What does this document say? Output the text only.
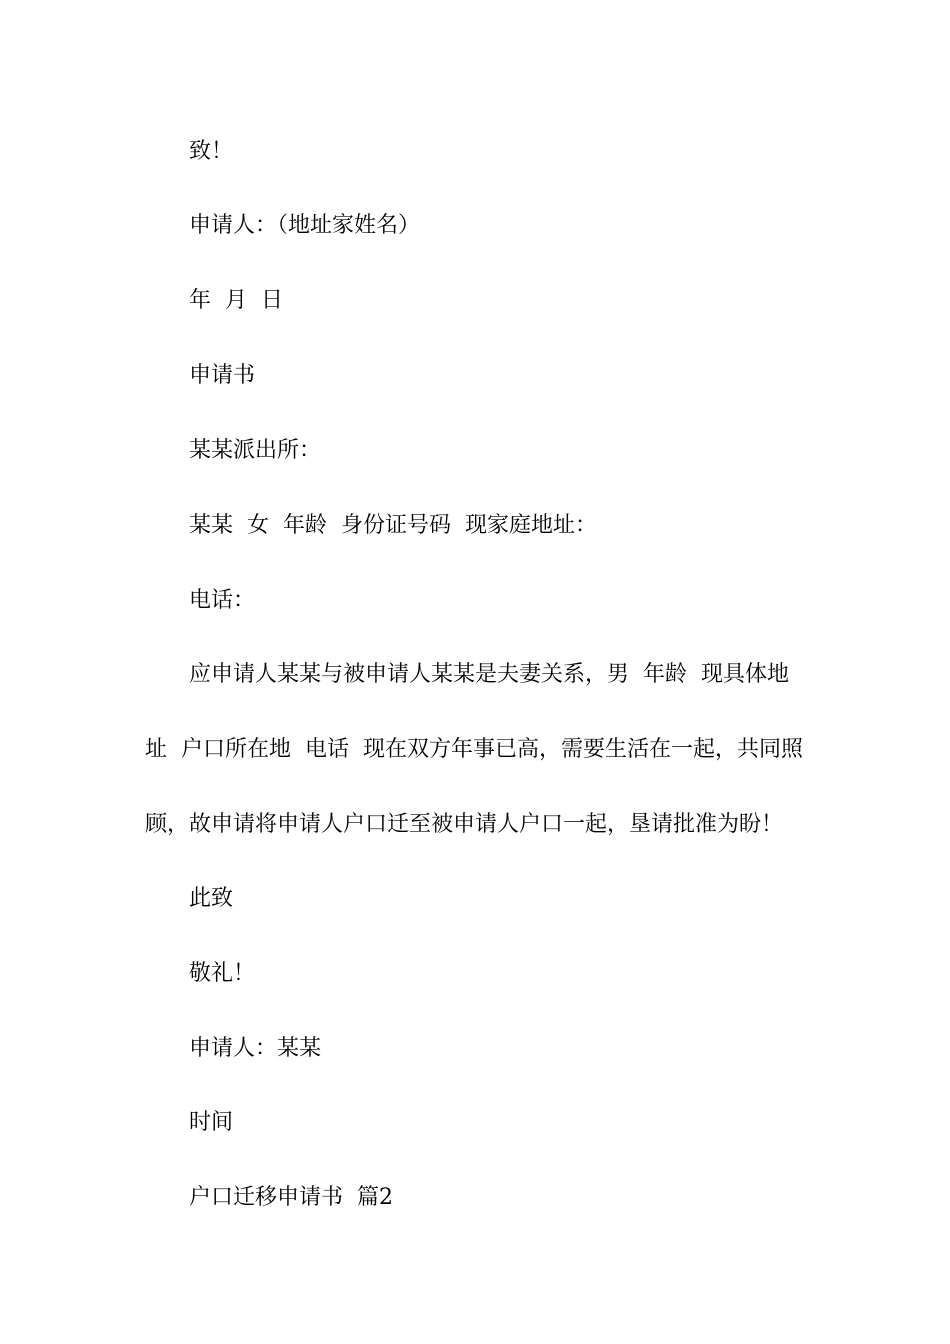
致！

申请人：（地址家姓名）

年  月  日

申请书

某某派出所：

某某  女  年龄  身份证号码  现家庭地址：

电话：

应申请人某某与被申请人某某是夫妻关系，男  年龄  现具体地

址  户口所在地  电话  现在双方年事已高，需要生活在一起，共同照

顾，故申请将申请人户口迁至被申请人户口一起，垦请批准为盼！

此致

敬礼！

申请人：某某

时间

户口迁移申请书  篇2
